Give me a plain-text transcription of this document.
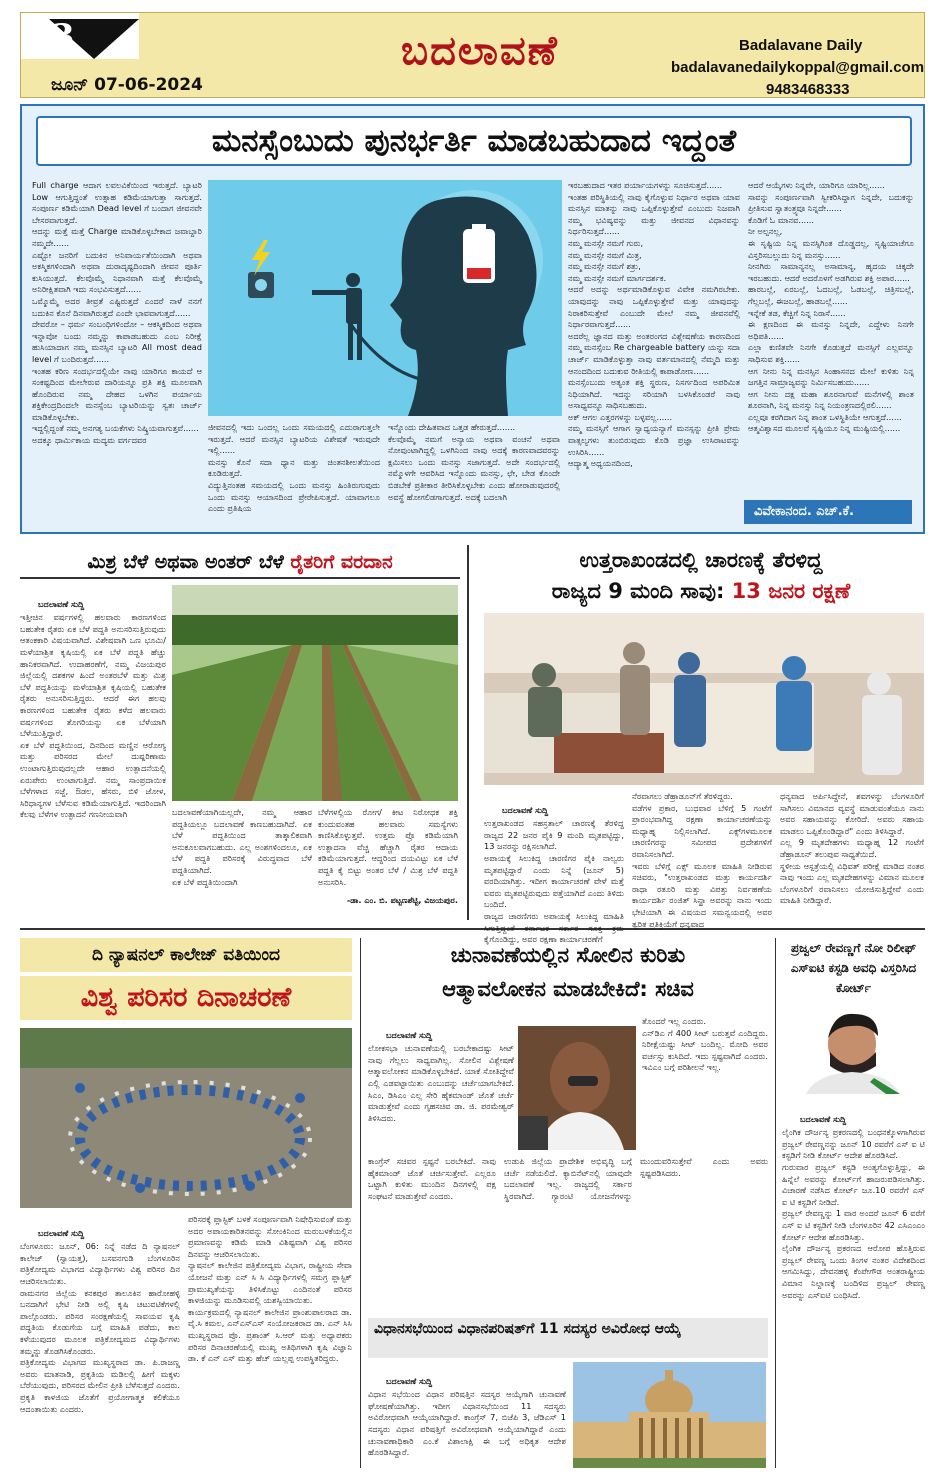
3	ಬದಲಾವಣೆ
ಜೂನ್ 07-06-2024
Badalavane Daily
badalavanedailykoppal@gmail.com
9483468333
ಮನಸ್ಸೆಂಬುದು ಪುನರ್ಭರ್ತಿ ಮಾಡಬಹುದಾದ ಇದ್ದಂತೆ
Full charge ಆದಾಗ ಲವಲವಿಕೆಯಿಂದ ಇರುತ್ತದೆ. ಬ್ಯಾಟರಿ Low ಆಗುತ್ತಿದ್ದಂತೆ ಉತ್ಸಾಹ ಕಡಿಮೆಯಾಗುತ್ತಾ ಸಾಗುತ್ತದೆ. ಸಂಪೂರ್ಣ ಕಡಿಮೆಯಾಗಿ Dead level ಗೆ ಬಂದಾಗ ಜೀವನವೇ ಬೇಸರವಾಗುತ್ತದೆ.
ಆದನ್ನು ಮತ್ತೆ ಮತ್ತೆ Charge ಮಾಡಿಕೊಳ್ಳಬೇಕಾದ ಜವಾಬ್ದಾರಿ ನಮ್ಮದೇ......
ಎಷ್ಟೋ ಜನರಿಗೆ ಬದುಕಿನ ಅನಿವಾರ್ಯತೆಯಿಂದಾಗಿ ಅಥವಾ ಅಕಸ್ಮಿಕಗಳಿಂದಾಗಿ ಅಥವಾ ದುರಾದೃಷ್ಟದಿಂದಾಗಿ ಜೀವನ ಪೂರ್ತಿ ಕುಸಿಯುತ್ತದೆ. ಕೆಲವೊಮ್ಮೆ ನಿಧಾನವಾಗಿ ಮತ್ತೆ ಕೆಲವೊಮ್ಮೆ ಅನಿರೀಕ್ಷಿತವಾಗಿ ಇದು ಸಂಭವಿಸುತ್ತದೆ......
ಒಮ್ಮೊಮ್ಮೆ ಅದರ ತೀವ್ರತೆ ಎಷ್ಟಿರುತ್ತದೆ ಎಂದರೆ ನಾಳೆ ನನಗೆ ಬದುಕಿನ ಕೊನೆ ದಿನವಾಗಿರುತ್ತದೆ ಎಂದೇ ಭಾವವಾಗುತ್ತದೆ......
ದೇವರೋ – ಧರ್ಮ ಸಂಬಂಧಿಗಳಿಂದೋ – ಆಕಸ್ಮಿಕದಿಂದ ಅಥವಾ ಇನ್ನಾವೋ ಬಂದು ನಮ್ಮನ್ನು ಕಾಪಾಡಬಹುದು ಎಂಬ ನಿರೀಕ್ಷೆ ಹುಸಿಯಾದಾಗ ನಮ್ಮ ಮನಸ್ಸಿನ ಬ್ಯಾಟರಿ All most dead level ಗೆ ಬಂದಿರುತ್ತದೆ......
ಇಂತಹ ಕಠಿಣ ಸಂದರ್ಭದಲ್ಲಿಯೇ ನಾವು ಯಾರಿಗೂ ಕಾಯದೆ ಆ ಸಂಕಷ್ಟದಿಂದ ಮೇಲೇರುವ ದಾರಿಯನ್ನೂ ಪ್ರತಿ ಶಕ್ತಿ ಮೂಲವಾಗಿ ಹೊಂದಿರುವ ನಮ್ಮ ದೇಹದ ಒಳಗಿನ ಪರ್ಯಾಯ ಶಕ್ತಿಕೇಂದ್ರದಿಂದಲೇ ಮನಸ್ಸೆಂಬ ಬ್ಯಾಟರಿಯನ್ನು ಸ್ವತಃ ಚಾರ್ಜ್ ಮಾಡಿಕೊಳ್ಳಬೇಕು.
ಇದ್ದಲ್ಲಿದ್ದಂತೆ ನಮ್ಮ ಅನಗತ್ಯ ಬಯಕೆಗಳು ನಿಷ್ಕ್ರಿಯವಾಗುತ್ತವೆ......
ಅದಕ್ಕೂ ಧಾರ್ಮಿಕಾಯ ಮದ್ಯಮ ವರ್ಗದವರ
ಜೀವನದಲ್ಲಿ ಇದು ಒಂದಲ್ಲ ಒಂದು ಸಮಯದಲ್ಲಿ ಎದುರಾಗುತ್ತಲೇ ಇರುತ್ತದೆ. ಆದರೆ ಮನಸ್ಸಿನ ಬ್ಯಾಟರಿಯ ವಿಶೇಷತೆ ಇರುವುದೇ ಇಲ್ಲಿ......
ಮನಸ್ಸು ಕೊನೆ ಸದಾ ಧ್ಯಾನ ಮತ್ತು ಚಿಂತನಶೀಲತೆಯಿಂದ ಕೂಡಿರುತ್ತದೆ.
ವಿದ್ಯುತ್ತಿನಂತಹ ಸಮಯದಲ್ಲಿ ಒಂದು ಮನಸ್ಸು ಹಿಂತಿರುಗುವುದು ಒಂದು ಮನಸ್ಸು ಆಯಾಸದಿಂದ ಪ್ರೇರೇಪಿಸುತ್ತದೆ. ಯಾವಾಗಲೂ ಎಂದು ಪ್ರತಿಷಿಯ
ಇನ್ನೊಂದು ದೇಹಿತವಾದ ಒತ್ತಡ ಹೇರುತ್ತದೆ.......
ಕೆಲವೊಮ್ಮೆ ನಮಗೆ ಅನ್ಯಾಯ ಅಥವಾ ವಂಚನೆ ಅಥವಾ ನೋವುಂಟಾಗಿದ್ದಲ್ಲಿ ಒಳಗಿನಿಂದ ನಾವು ಅದಕ್ಕೆ ಕಾರಣವಾದವರನ್ನು ಕ್ಷಮಿಸಲು ಒಂದು ಮನಸ್ಸು ಸಜಾಗುತ್ತದೆ. ಅದೇ ಸಂದರ್ಭದಲ್ಲಿ ನಮ್ಮೊಳಗೇ ಆವರಿಸಿದ ಇನ್ನೊಂದು ಮನಸ್ಸು, ಛೇ, ಬೇಡ ಕೊಂದೇ ಬಿಡಬೇಕೆ ಪ್ರತೀಕಾರ ತೀರಿಸಿಕೊಳ್ಳಬೇಕು ಎಂದು ಹೋರಾಡುವುದರಲ್ಲಿ ಅವಸ್ಥೆ ಹೋಗಲಿಡಗಾಗುತ್ತದೆ. ಅದಕ್ಕೆ ಬದಲಾಗಿ
ಇರಬಹುದಾದ ಇತರ ಪರ್ಯಾಯಗಳನ್ನು ಸೂಚಿಸುತ್ತದೆ......
ಇಂತಹ ಪರಿಸ್ಥಿತಿಯಲ್ಲಿ ನಾವು ಕೈಗೊಳ್ಳುವ ನಿರ್ಧಾರ ಅಥವಾ ಯಾವ ಮನಸ್ಸಿನ ಮಾತನ್ನು ನಾವು ಒಪ್ಪಿಕೊಳ್ಳುತ್ತೇವೆ ಎಂಬುದು ನಿಜವಾಗಿ ನಮ್ಮ ಭವಿಷ್ಯವನ್ನು ಮತ್ತು ಜೀವನದ ವಿಧಾನವನ್ನು ನಿರ್ಧರಿಸುತ್ತದೆ......
ನಮ್ಮ ಮನಸ್ಸೇ ನಮಗೆ ಗುರು,
ನಮ್ಮ ಮನಸ್ಸೇ ನಮಗೆ ಮಿತ್ರ,
ನಮ್ಮ ಮನಸ್ಸೇ ನಮಗೆ ಶತ್ರು,
ನಮ್ಮ ಮನಸ್ಸೇ ನಮಗೆ ಮಾರ್ಗದರ್ಶಕ.
ಆದರೆ ಅದನ್ನು ಅರ್ಥಮಾಡಿಕೊಳ್ಳುವ ವಿವೇಕ ನಮಗಿರಬೇಕು. ಯಾವುದನ್ನು ನಾವು ಒಪ್ಪಿಕೊಳ್ಳುತ್ತೇವೆ ಮತ್ತು ಯಾವುದನ್ನು ನಿರಾಕರಿಸುತ್ತೇವೆ ಎಂಬುದೇ ಮೇಲೆ ನಮ್ಮ ಜೀವನವೆಲ್ಲಿ ನಿರ್ಧಾರವಾಗುತ್ತದೆ......
ಅದರೆಲ್ಲ ಜ್ಞಾನದ ಮತ್ತು ಅಂತರಂಗದ ವಿಶ್ಲೇಷಣೆಯ ಕಾರಣದಿಂದ ನಮ್ಮ ಮನಸ್ಸೆಂಬ Re chargeable battery ಯನ್ನು ಸದಾ ಚಾರ್ಜ್ ಮಾಡಿಕೊಳ್ಳುತ್ತಾ ನಾವು ವರ್ತಮಾನದಲ್ಲಿ ನೆಮ್ಮದಿ ಮತ್ತು ಆನಂದದಿಂದ ಬದುಕುವ ರೀತಿಯಲ್ಲಿ ಕಾಪಾಡೋಣ......
ಮನಸ್ಸೆಂಬುದು ಅತ್ಯಂತ ಶಕ್ತಿ ಸ್ಥರುಣ, ನಿಸರ್ಗದಿಂದ ಅಪರಿಮಿತ ನಿಧಿಯಾಗಿದೆ. ಇದನ್ನು ಸರಿಯಾಗಿ ಬಳಸಿಕೊಂಡರೆ ನಾವು ಅಸಾಧ್ಯವನ್ನೂ ಸಾಧಿಸಬಹುದು.
ಅಕ್ ಆಗಲ ಎತ್ತರಗಳನ್ನು ಬಳ್ಳವಲ್ಲ......
ನಮ್ಮ ಮನಸ್ಸಿಗೆ ಆಗಾಗ ಸ್ವಾಧ್ಯಯನ್ಯಾಗೆ ಮನಸ್ಸನ್ನು ಪ್ರೀತಿ ಪ್ರೇಮ ವಾತ್ಸಲ್ಯಗಳು ತುಂಬಿರುವುದು ಕೊಡಿ ಪ್ರಜ್ಞಾ ಉಸಿರಾಟವನ್ನು ಉಸಿರಿಸಿ......
ಆದ್ಯಾತ್ಮ ಅಧ್ಯಯನದಿಂದ,
ಆದರೆ ಆಯ್ಕೆಗಳು ನಿನ್ನವೇ, ಯಾರಿಗೂ ಯಾರಿಲ್ಲ......
ಸಾವನ್ನು ಸಂಪೂರ್ಣವಾಗಿ ಸ್ವೀಕರಿಸಿದ್ದಾಗ ನಿನ್ನದೇ, ಬದುಕನ್ನು ಪ್ರೀತಿಸುವ ಸ್ವಾತಂತ್ರ್ಯವೂ ನಿನ್ನದೇ......
ಕೊಡಿಗೆ ಓ ಮಾನವ......
ನೀ ಅಲ್ಪನಲ್ಲ,
ಈ ಸೃಷ್ಟಿಯ ನಿನ್ನ ಮನಸ್ಸಿಗಿಂತ ದೊಡ್ಡದಲ್ಲ, ಸೃಷ್ಟಿಯಾಚೆಗೂ ವಿಸ್ತರಿಸಬಲ್ಲುದು ನಿನ್ನ ಮನಸ್ಸು......
ನೀನಗಿರು ಸಾಮಾನ್ಯನಲ್ಲ ಅಸಾಮಾನ್ಯ, ಹೃದಯ ಚಿಕ್ಕದೇ ಇರಬಹುದು. ಆದರೆ ಅದರೊಳಗೆ ಅಡಗಿರುವ ಶಕ್ತಿ ಅಪಾರ......
ಹಾರಬಲ್ಲೆ, ಏರಬಲ್ಲೆ, ಓದಬಲ್ಲೆ, ಓಡಬಲ್ಲೆ, ಚಿತ್ರಿಸಬಲ್ಲೆ, ಗೆಲ್ಲಬಲ್ಲೆ, ಈಜಬಲ್ಲೆ, ಹಾಡಬಲ್ಲೆ......
ಇನ್ನೇಕೆ ತಡ, ಕೆಚ್ಚಿಗೆ ನಿನ್ನ ನಿರಾಸೆ......
ಈ ಕ್ಷಣದಿಂದ ಈ ಮನಸ್ಸು ನಿನ್ನದೇ, ಎದ್ದೇಳು ನಿನಗೇ ಅಧಿಪತಿ......
ಎಲ್ಲಾ ಕುಣಿತವೇ ನಿನಗೇ ಕೊಡುತ್ತದೆ ಮನಸ್ಸಿಗೆ ಎಲ್ಲವನ್ನೂ ಸಾಧಿಸುವ ಶಕ್ತಿ......
ಆಗ ನೀನು ನಿನ್ನ ಮನಸ್ಸಿನ ಸಿಂಹಾಸನದ ಮೇಲೆ ಕುಳಿತು ನಿನ್ನ ಜಗತ್ತಿನ ಸಾಮ್ರಾಜ್ಯವನ್ನು ನಿರ್ಮಿಸಬಹುದು......
ಆಗ ನೀನು ದಕ್ಷ ಮಹಾ ಶೂರನಾಗುವೆ ಮನೆಗಳಲ್ಲಿ ಶಾಂತ ಶೂರನಾಗಿ, ನಿನ್ನ ಮನಸ್ಸು ನಿನ್ನ ನಿಯಂತ್ರಣದಲ್ಲಿರಲಿ......
ಎಲ್ಲವೂ ಕರಗಿದಾಗ ನಿನ್ನ ಶಾಂತ ಒಳಸ್ಥಿತಿಯೇ ಆಗುತ್ತದೆ......
ಆತ್ಮವಿಶ್ವಾಸದ ಮೂಲವೆ ಸೃಷ್ಟಿಯೂ ನಿನ್ನ ಮುಷ್ಟಿಯಲ್ಲಿ......
ವಿವೇಕಾನಂದ. ಎಚ್.ಕೆ.
ಮಿಶ್ರ ಬೆಳೆ ಅಥವಾ ಅಂತರ್ ಬೆಳೆ ರೈತರಿಗೆ ವರದಾನ

ಬದಲಾವಣೆ ಸುದ್ದಿ
ಇತ್ತೀಚಿನ ವರ್ಷಗಳಲ್ಲಿ ಹಲವಾರು ಕಾರಣಗಳಿಂದ ಬಹುತೇಕ ರೈತರು ಏಕ ಬೆಳೆ ಪದ್ದತಿ ಅನುಸರಿಸುತ್ತಿರುವುದು ಆತಂಕಕಾರಿ ವಿಷಯವಾಗಿದೆ. ವಿಶೇಷವಾಗಿ ಒಣ ಭೂಮಿ/ ಮಳೆಯಾಶ್ರಿತ ಕೃಷಿಯಲ್ಲಿ ಏಕ ಬೆಳೆ ಪದ್ದತಿ ಹೆಚ್ಚು ಹಾನಿಕರವಾಗಿದೆ. ಉದಾಹರಣೆಗೆ, ನಮ್ಮ ವಿಜಯಪುರ ಜಿಲ್ಲೆಯಲ್ಲಿ ದಶಕಗಳ ಹಿಂದೆ ಅಂತರಬೆಳೆ ಮತ್ತು ಮಿಶ್ರ ಬೆಳೆ ಪದ್ದತಿಯನ್ನು ಮಳೆಯಾಶ್ರಿತ ಕೃಷಿಯಲ್ಲಿ ಬಹುತೇಕ ರೈತರು ಅನುಸರಿಸುತ್ತಿದ್ದರು. ಆದರೆ ಈಗ ಹಲವು ಕಾರಣಗಳಿಂದ ಬಹುತೇಕ ರೈತರು ಕಳೆದ ಹಲವಾರು ವರ್ಷಗಳಿಂದ ತೊಗರಿಯನ್ನು ಏಕ ಬೆಳೆಯಾಗಿ ಬೆಳೆಯುತ್ತಿದ್ದಾರೆ.
ಏಕ ಬೆಳೆ ಪದ್ದತಿಯಿಂದ, ದಿನದಿಂದ ಮಣ್ಣಿನ ಆರೋಗ್ಯ ಮತ್ತು ಪರಿಸರದ ಮೇಲೆ ದುಷ್ಪರಿಣಾಮ ಉಂಟಾಗುತ್ತಿರುವುದಲ್ಲದೇ ಆಹಾರ ಉತ್ಪಾದನೆಯಲ್ಲಿ ಏರುಪೇರು ಉಂಟಾಗುತ್ತಿದೆ. ನಮ್ಮ ಸಾಂಪ್ರದಾಯಿಕ ಬೆಳೆಗಳಾದ ಸಜ್ಜೆ, ಔಡಲ, ಹೆಸರು, ಬಿಳಿ ಜೋಳ, ಸಿರಿಧಾನ್ಯಗಳ ಬೆಳೆಸುವ ಕಡಿಮೆಯಾಗುತ್ತಿದೆ. ಇದರಿಂದಾಗಿ ಕೆಲವು ಬೆಳೆಗಳ ಉತ್ಪಾದನೆ ಗಣನೀಯವಾಗಿ	ಬದಲಾವಣೆಯಾಗಿಯಲ್ಲದೇ, ನಮ್ಮ ಆಹಾರ ಪದ್ದತಿಯಲ್ಲೂ ಬದಲಾವಣೆ ಕಾಣಬಹುದಾಗಿದೆ. ಏಕ ಬೆಳೆ ಪದ್ದತಿಯಿಂದ ತಾತ್ಕಾಲಿಕವಾಗಿ ಅನುಕೂಲವಾಗಬಹುದು. ಎಲ್ಲ ಅಂಶಗಳಿಂದಲೂ, ಏಕ ಬೆಳೆ ಪದ್ದತಿ ಪರಿಸರಕ್ಕೆ ವಿರುದ್ಧವಾದ ಬೆಳೆ ಪದ್ದತಿಯಾಗಿದೆ.
ಏಕ ಬೆಳೆ ಪದ್ದತಿಯಿಂದಾಗಿ
ಬೆಳೆಗಳಲ್ಲಿಯ ರೋಗ/ ಕೀಟ ನಿರೋಧಕ ಶಕ್ತಿ ಕುಂದುವಂತಹ ಹಲವಾರು ಸಮಸ್ಯೆಗಳು ಕಾಣಿಸಿಕೊಳ್ಳುತ್ತವೆ. ಉತ್ತಮ ಪ್ರೊ ಕಡಿಮೆಯಾಗಿ ಉತ್ಪಾದನಾ ವೆಚ್ಚ ಹೆಚ್ಚಾಗಿ ರೈತರ ಆದಾಯ ಕಡಿಮೆಯಾಗುತ್ತದೆ. ಆದ್ದರಿಂದ ದಯವಿಟ್ಟು ಏಕ ಬೆಳೆ ಪದ್ದತಿ ಕೈ ಬಿಟ್ಟು ಅಂತರ ಬೆಳೆ / ಮಿಶ್ರ ಬೆಳೆ ಪದ್ದತಿ ಅನುಸರಿಸಿ.
-ಡಾ. ಎಂ. ಬಿ. ಪಟ್ಟಣಶೆಟ್ಟಿ, ವಿಜಯಪುರ.
ಉತ್ತರಾಖಂಡದಲ್ಲಿ ಚಾರಣಕ್ಕೆ ತೆರಳಿದ್ದ
ರಾಜ್ಯದ 9 ಮಂದಿ ಸಾವು: 13 ಜನರ ರಕ್ಷಣೆ

ಬದಲಾವಣೆ ಸುದ್ದಿ
ಉತ್ತರಾಖಂಡದ ಸಹಸ್ರತಾಲ್ ಚಾರಣಕ್ಕೆ ತೆರಳಿದ್ದ ರಾಜ್ಯದ 22 ಜನರ ಪೈಕಿ 9 ಮಂದಿ ಮೃತಪಟ್ಟಿದ್ದು, 13 ಜನರನ್ನು ರಕ್ಷಿಸಲಾಗಿದೆ.
ಅಪಾಯಕ್ಕೆ ಸಿಲುಕಿದ್ದ ಚಾರಣಿಗರ ಪೈಕಿ ನಾಲ್ವರು ಮೃತಪಟ್ಟಿದ್ದಾರೆ ಎಂದು ನಿನ್ನೆ (ಜೂನ್ 5) ವರದಿಯಾಗಿತ್ತು. ಇದೀಗ ಕಾರ್ಯಾಚರಣೆ ವೇಳೆ ಮತ್ತೆ ಐವರು ಮೃತಪಟ್ಟಿರುವುದು ಪತ್ತೆಯಾಗಿದೆ ಎಂದು ತಿಳಿದು ಬಂದಿದೆ.
ರಾಜ್ಯದ ಚಾರಣಿಗರು ಅಪಾಯಕ್ಕೆ ಸಿಲುಕಿದ್ದ ಮಾಹಿತಿ ಸಿಗುತ್ತಿದ್ದಂತೆ ಕರ್ನಾಟಕ ಸರ್ಕಾರ ಸೂಕ್ತ ಕ್ರಮ ಕೈಗೊಂಡಿದ್ದು, ಅವರ ರಕ್ಷಣಾ ಕಾರ್ಯಾಚರಣೆಗೆ

ನೆರವಾಗಲು ಡೆಹ್ರಾಡೂನ್‌ಗೆ ತೆರಳಿದ್ದರು.
ವಡೆಗಳ ಪ್ರಕಾರ, ಬುಧವಾರ ಬೆಳಿಗ್ಗೆ 5 ಗಂಟೆಗೆ ಪ್ರಾರಂಭವಾಗಿದ್ದ ರಕ್ಷಣಾ ಕಾರ್ಯಾಚರಣೆಯನ್ನು ಮಧ್ಯಾಹ್ನ ನಿಲ್ಲಿಸಲಾಗಿದೆ. ಎಕ್ಸ್‌ಗಳಮೂಲಕ ಚಾರಣಿಗರನ್ನು ಸಮೀಪದ ಪ್ರದೇಶಗಳಿಗೆ ರವಾನಿಸಲಾಗಿದೆ.
ಇವರು ಬೆಳಿಗ್ಗೆ ಎಕ್ಸ್ ಮೂಲಕ ಮಾಹಿತಿ ನೀಡಿರುವ ಸಚಿವರು, "ಉತ್ತರಾಖಂಡದ ಮತ್ತು ಕಾರ್ಯದರ್ಶಿ ರಾಧಾ ರತೂರಿ ಮತ್ತು ವಿಪತ್ತು ನಿರ್ವಹಣೆಯ ಕಾರ್ಯದರ್ಶಿ ರಂಜಿತ್ ಸಿನ್ಹಾ ಅವರನ್ನು ನಾನು ಇಂದು ಭೇಟಿಯಾಗಿ ಈ ವಿಷಯದ ಸಮನ್ವಯದಲ್ಲಿ ಅವರ ತ್ವರಿತ ಪ್ರತಿಕ್ರಿಯೆಗೆ ಧನ್ಯವಾದ
ಧನ್ಯವಾದ ಅರ್ಪಿಸಿದ್ದೇನೆ, ಶವಗಳನ್ನು ಬೆಂಗಳೂರಿಗೆ ಸಾಗಿಸಲು ವಿಮಾನದ ವ್ಯವಸ್ಥೆ ಮಾಡುವಂತೆಯೂ ನಾನು ಅವರ ಸಹಾಯವನ್ನು ಕೋರಿದೆ. ಅವರು ಸಹಾಯ ಮಾಡಲು ಒಪ್ಪಿಕೊಂಡಿದ್ದಾರೆ" ಎಂದು ತಿಳಿಸಿದ್ದಾರೆ.
ಎಲ್ಲ 9 ಮೃತದೇಹಗಳು ಮಧ್ಯಾಹ್ನ 12 ಗಂಟೆಗೆ ಡೆಹ್ರಾಡೂನ್ ತಲುಪುವ ಸಾಧ್ಯತೆಯಿದೆ.
ಸ್ಥಳೀಯ ಆಸ್ಪತ್ರೆಯಲ್ಲಿ ವಿಧಿವತ್ ಪರೀಕ್ಷೆ ಮಾಡಿದ ನಂತರ ನಾವು ಇಂದು ಎಲ್ಲ ಮೃತದೇಹಗಳನ್ನು ವಿಮಾನ ಮೂಲಕ ಬೆಂಗಳೂರಿಗೆ ರವಾನಿಸಲು ಯೋಜಿಸುತ್ತಿದ್ದೇವೆ ಎಂದು ಮಾಹಿತಿ ನೀಡಿದ್ದಾರೆ.
ದಿ ನ್ಯಾಷನಲ್ ಕಾಲೇಜ್ ವತಿಯಿಂದ
ವಿಶ್ವ ಪರಿಸರ ದಿನಾಚರಣೆ

ಬದಲಾವಣೆ ಸುದ್ದಿ
ಬೆಂಗಳೂರು: ಜೂನ್, 06: ನಿನ್ನೆ ನಡೆದ ದಿ ನ್ಯಾಷನಲ್ ಕಾಲೇಜ್ (ಸ್ವಾಯತ್ತ), ಬಸವನಗುಡಿ ಬೆಂಗಳೂರಿನ ಪತ್ರಿಕೋದ್ಯಮ ವಿಭಾಗದ ವಿದ್ಯಾರ್ಥಿಗಳು ವಿಶ್ವ ಪರಿಸರ ದಿನ ಆಚರಿಸಲಾಯಿತು.
ರಾಮನಗರ ಜಿಲ್ಲೆಯ ಕನಕಪುರ ತಾಲೂಕಿನ ಹಾರೋಹಳ್ಳಿ ಬನದಾಗಿಗೆ ಭೇಟಿ ನೀಡಿ ಅಲ್ಲಿ ಕೃಷಿ ಚಟುವಟಿಕೆಗಳಲ್ಲಿ ಪಾಲ್ಗೊಂಡರು. ಪರಿಸರ ಸಂರಕ್ಷಣೆಯಲ್ಲಿ ಸಾವಯವ ಕೃಷಿ ಪದ್ಧತಿಯ ಕೊಡುಗೆಯ ಬಗ್ಗೆ ಮಾಹಿತಿ ಪಡೆದು, ಕಾಲ ಕಳೆಯುವುದರ ಮೂಲಕ ಪತ್ರಿಕೋದ್ಯಮದ ವಿದ್ಯಾರ್ಥಿಗಳು ತಮ್ಮನ್ನು ತೊಡಗಿಸಿಕೊಂಡರು.
ಪತ್ರಿಕೋದ್ಯಮ ವಿಭಾಗದ ಮುಖ್ಯಸ್ಥರಾದ ಡಾ. ಪಿ.ರಾಜಣ್ಣ ಅವರು ಮಾತನಾಡಿ, ಪ್ರಕೃತಿಯ ಮಡಿಲಲ್ಲಿ ಹೀಗೆ ಮಕ್ಕಳು ಬೆರೆಯುವುದು, ಪರಿಸರದ ಮೇಲಿನ ಪ್ರೀತಿ ಬೆಳೆಸುತ್ತದೆ ಎಂದರು. ಪ್ರಕೃತಿ ಕಾಳಜಿಯ ಜೊತೆಗೆ ಪ್ರಯೋಗಾತ್ಮಕ ಕಲಿಕೆಯೂ ಆದಂತಾಯಿತು ಎಂದರು.

ಪರಿಸರಕ್ಕೆ ಪ್ಲಾಸ್ಟಿಕ್ ಬಳಕೆ ಸಂಪೂರ್ಣವಾಗಿ ನಿಷೇಧಿಸುವಂತೆ ಮತ್ತು ಅದರ ಅಪಾಯಕಾರಿತನವನ್ನು ಸೋಂಕಿನಿಂದ ಮರುಬಳಕೆಯಲ್ಲಿನ ಪ್ರಮಾಣವನ್ನು ಕಡಿಮೆ ಮಾಡಿ ವಿಶಿಷ್ಟವಾಗಿ ವಿಶ್ವ ಪರಿಸರ ದಿನವನ್ನು ಆಚರಿಸಲಾಯಿತು.
ನ್ಯಾಷನಲ್ ಕಾಲೇಜಿನ ಪತ್ರಿಕೋದ್ಯಮ ವಿಭಾಗ, ರಾಷ್ಟ್ರೀಯ ಸೇವಾ ಯೋಜನೆ ಮತ್ತು ಎನ್ ಸಿ ಸಿ ವಿದ್ಯಾರ್ಥಿಗಳಲ್ಲಿ ಸಮಗ್ರ ಪ್ಲಾಸ್ಟಿಕ್ ಪ್ರಾಮುಖ್ಯತೆಯನ್ನು ತಿಳಿಸಿಕೊಟ್ಟು ಎಂದಿನಂತೆ ಪರಿಸರ ಕಾಳಜಿಯನ್ನು ಮೂಡಿಸುವಲ್ಲಿ ಯಶಸ್ವಿಯಾಯಿತು.
ಕಾರ್ಯಕ್ರಮದಲ್ಲಿ ನ್ಯಾಷನಲ್ ಕಾಲೇಜಿನ ಪ್ರಾಂಶುಪಾಲರಾದ ಡಾ. ವೈ.ಸಿ ಕಮಲ, ಎನ್‌ಎಸ್‌ಎಸ್ ಸಂಯೋಜಕರಾದ ಡಾ. ಎನ್ ಸಿಸಿ ಮುಖ್ಯಸ್ಥರಾದ ಪ್ರೊ. ಪ್ರಶಾಂತ್ ಸಿ.ಆರ್ ಮತ್ತು ಅಧ್ಯಾಪಕರು ಪರಿಸರ ದಿನಾಚರಣೆಯಲ್ಲಿ ಮುಖ್ಯ ಅತಿಥಿಗಳಾಗಿ ಕೃಷಿ ವಿಜ್ಞಾನಿ ಡಾ. ಕೆ ಎನ್ ಎಸ್ ಮತ್ತು ಹೆಚ್ ಯಲ್ಲಪ್ಪ ಉಪಸ್ಥಿತರಿದ್ದರು.
ಚುನಾವಣೆಯಲ್ಲಿನ ಸೋಲಿನ ಕುರಿತು
ಆತ್ಮಾವಲೋಕನ ಮಾಡಬೇಕಿದೆ: ಸಚಿವ

ಬದಲಾವಣೆ ಸುದ್ದಿ
ಲೋಕಸಭಾ ಚುನಾವಣೆಯಲ್ಲಿ ಬರಬೇಕಾದಷ್ಟು ಸೀಟ್ ನಾವು ಗೆಲ್ಲಲು ಸಾಧ್ಯವಾಗಿಲ್ಲ. ಸೋಲಿನ ವಿಶ್ಲೇಷಣೆ ಆತ್ಮಾವಲೋಕನ ಮಾಡಿಕೊಳ್ಳಬೇಕಿದೆ. ಯಾಕೆ ಸೋತಿದ್ದೇವೆ ಎಲ್ಲಿ ಎಡವಟ್ಟಾಯಿತು ಎಂಬುದನ್ನು ಚರ್ಚೆಯಾಗಬೇಕಿದೆ. ಸಿಎಂ, ಡಿಸಿಎಂ ಎಲ್ಲ ಸೇರಿ ಹೈಕಮಾಂಡ್ ಜೊತೆ ಚರ್ಚೆ ಮಾಡುತ್ತೇವೆ ಎಂದು ಗೃಹಸಚಿವ ಡಾ. ಜಿ. ಪರಮೇಶ್ವರ್ ತಿಳಿಸಿದರು.

ತೊಂದರೆ ಇಲ್ಲ ಎಂದರು.
ಎನ್‌ಡಿಎ ಗೆ 400 ಸೀಟ್ ಬರುತ್ತವೆ ಎಂದಿದ್ದರು. ನಿರೀಕ್ಷೆಯಷ್ಟು ಸೀಟ್ ಬಂದಿಲ್ಲ. ಮೋದಿ ಅವರ ವರ್ಚಸ್ಸು ಕುಸಿದಿದೆ. ಇದು ಸ್ಪಷ್ಟವಾಗಿದೆ ಎಂದರು. ಇವಿಎಂ ಬಗ್ಗೆ ಪರಿಶೀಲನೆ ಇಲ್ಲ.
ಕಾಂಗ್ರೆಸ್ ಸಚಿವರ ಸ್ಪಷ್ಟನೆ ಬರಬೇಕಿದೆ. ನಾವು ಹೈಕಮಾಂಡ್ ಜೊತೆ ಚರ್ಚಿಸುತ್ತೇವೆ. ಎಲ್ಲರೂ ಒಟ್ಟಾಗಿ ಕುಳಿತು ಮುಂದಿನ ದಿನಗಳಲ್ಲಿ ಪಕ್ಷ ಸಂಘಟನೆ ಮಾಡುತ್ತೇವೆ ಎಂದರು.
ಉಡುಪಿ ಜಿಲ್ಲೆಯ ಪ್ರಾದೇಶಿಕ ಅಭಿವೃದ್ಧಿ ಬಗ್ಗೆ ಚರ್ಚೆ ನಡೆಯಲಿದೆ. ಕ್ಯಾಬಿನೆಟ್‌ನಲ್ಲಿ ಯಾವುದೇ ಬದಲಾವಣೆ ಇಲ್ಲ. ರಾಜ್ಯದಲ್ಲಿ ಸರ್ಕಾರ ಸ್ಥಿರವಾಗಿದೆ. ಗ್ಯಾರಂಟಿ ಯೋಜನೆಗಳನ್ನು ಮುಂದುವರಿಸುತ್ತೇವೆ ಎಂದು ಅವರು ಸ್ಪಷ್ಟಪಡಿಸಿದರು.
ವಿಧಾನಸಭೆಯಿಂದ ವಿಧಾನಪರಿಷತ್‌ಗೆ 11 ಸದಸ್ಯರ ಅವಿರೋಧ ಆಯ್ಕೆ

ಬದಲಾವಣೆ ಸುದ್ದಿ
ವಿಧಾನ ಸಭೆಯಿಂದ ವಿಧಾನ ಪರಿಷತ್ತಿನ ಸದಸ್ಯರ ಆಯ್ಕೆಗಾಗಿ ಚುನಾವಣೆ ಘೋಷಣೆಯಾಗಿತ್ತು. ಇದೀಗ ವಿಧಾನಸಭೆಯಿಂದ 11 ಸದಸ್ಯರು ಅವಿರೋಧವಾಗಿ ಆಯ್ಕೆಯಾಗಿದ್ದಾರೆ. ಕಾಂಗ್ರೆಸ್ 7, ಬಿಜೆಪಿ 3, ಜೆಡಿಎಸ್ 1 ಸದಸ್ಯರು ವಿಧಾನ ಪರಿಷತ್ತಿಗೆ ಅವಿರೋಧವಾಗಿ ಆಯ್ಕೆಯಾಗಿದ್ದಾರೆ ಎಂದು ಚುನಾವಣಾಧಿಕಾರಿ ಎಂ.ಕೆ ವಿಶಾಲಾಕ್ಷಿ ಈ ಬಗ್ಗೆ ಅಧಿಕೃತ ಆದೇಶ ಹೊರಡಿಸಿದ್ದಾರೆ.

ಪ್ರಜ್ವಲ್ ರೇವಣ್ಣಗೆ ನೋ ರಿಲೀಫ್ ಎಸ್‌ಐಟಿ ಕಸ್ಟಡಿ ಅವಧಿ ವಿಸ್ತರಿಸಿದ ಕೋರ್ಟ್

ಬದಲಾವಣೆ ಸುದ್ದಿ
ಲೈಂಗಿಕ ದೌರ್ಜನ್ಯ ಪ್ರಕರಣದಲ್ಲಿ ಬಂಧನಕ್ಕೊಳಗಾಗಿರುವ ಪ್ರಜ್ವಲ್ ರೇವಣ್ಣನನ್ನು ಜೂನ್ 10 ರವರೆಗೆ ಎಸ್ ಐ ಟಿ ಕಸ್ಟಡಿಗೆ ನೀಡಿ ಕೋರ್ಟ್ ಆದೇಶ ಹೊರಡಿಸಿದೆ.
ಗುರುವಾರ ಪ್ರಜ್ವಲ್ ಕಸ್ಟಡಿ ಅಂತ್ಯಗೊಳ್ಳುತ್ತಿದ್ದು, ಈ ಹಿನ್ನೆಲೆ ಅವರನ್ನು ಕೋರ್ಟ್‌ಗೆ ಹಾಜರುಪಡಿಸಲಾಗಿತ್ತು. ವಿಚಾರಣೆ ನಡೆಸಿದ ಕೋರ್ಟ್ ಜೂ.10 ರವರೆಗೆ ಎಸ್ ಐ ಟಿ ಕಸ್ಟಡಿಗೆ ನೀಡಿದೆ.
ಪ್ರಜ್ವಲ್ ರೇವಣ್ಣನ್ನು 1 ವಾರ ಅಂದರೆ ಜೂನ್ 6 ವರೆಗೆ ಎಸ್ ಐ ಟಿ ಕಸ್ಟಡಿಗೆ ನೀಡಿ ಬೆಂಗಳೂರಿನ 42 ಎಸಿಎಂಎಂ ಕೋರ್ಟ್ ಆದೇಶ ಹೊರಡಿಸಿತ್ತು.
ಲೈಂಗಿಕ ದೌರ್ಜನ್ಯ ಪ್ರಕರಣದ ಆರೋಪ ಹೊತ್ತಿರುವ ಪ್ರಜ್ವಲ್ ರೇವಣ್ಣ ಒಂದು ತಿಂಗಳ ನಂತರ ವಿದೇಶದಿಂದ ಆಗಮಿಸಿದ್ದು, ದೇವನಹಳ್ಳಿ ಕೆಂಪೇಗೌಡ ಅಂತರಾಷ್ಟ್ರೀಯ ವಿಮಾನ ನಿಲ್ದಾಣಕ್ಕೆ ಬಂದಿಳಿದ ಪ್ರಜ್ವಲ್ ರೇವಣ್ಣ ಅವರನ್ನು ಎಸ್‌ಐಟಿ ಬಂಧಿಸಿದೆ.
